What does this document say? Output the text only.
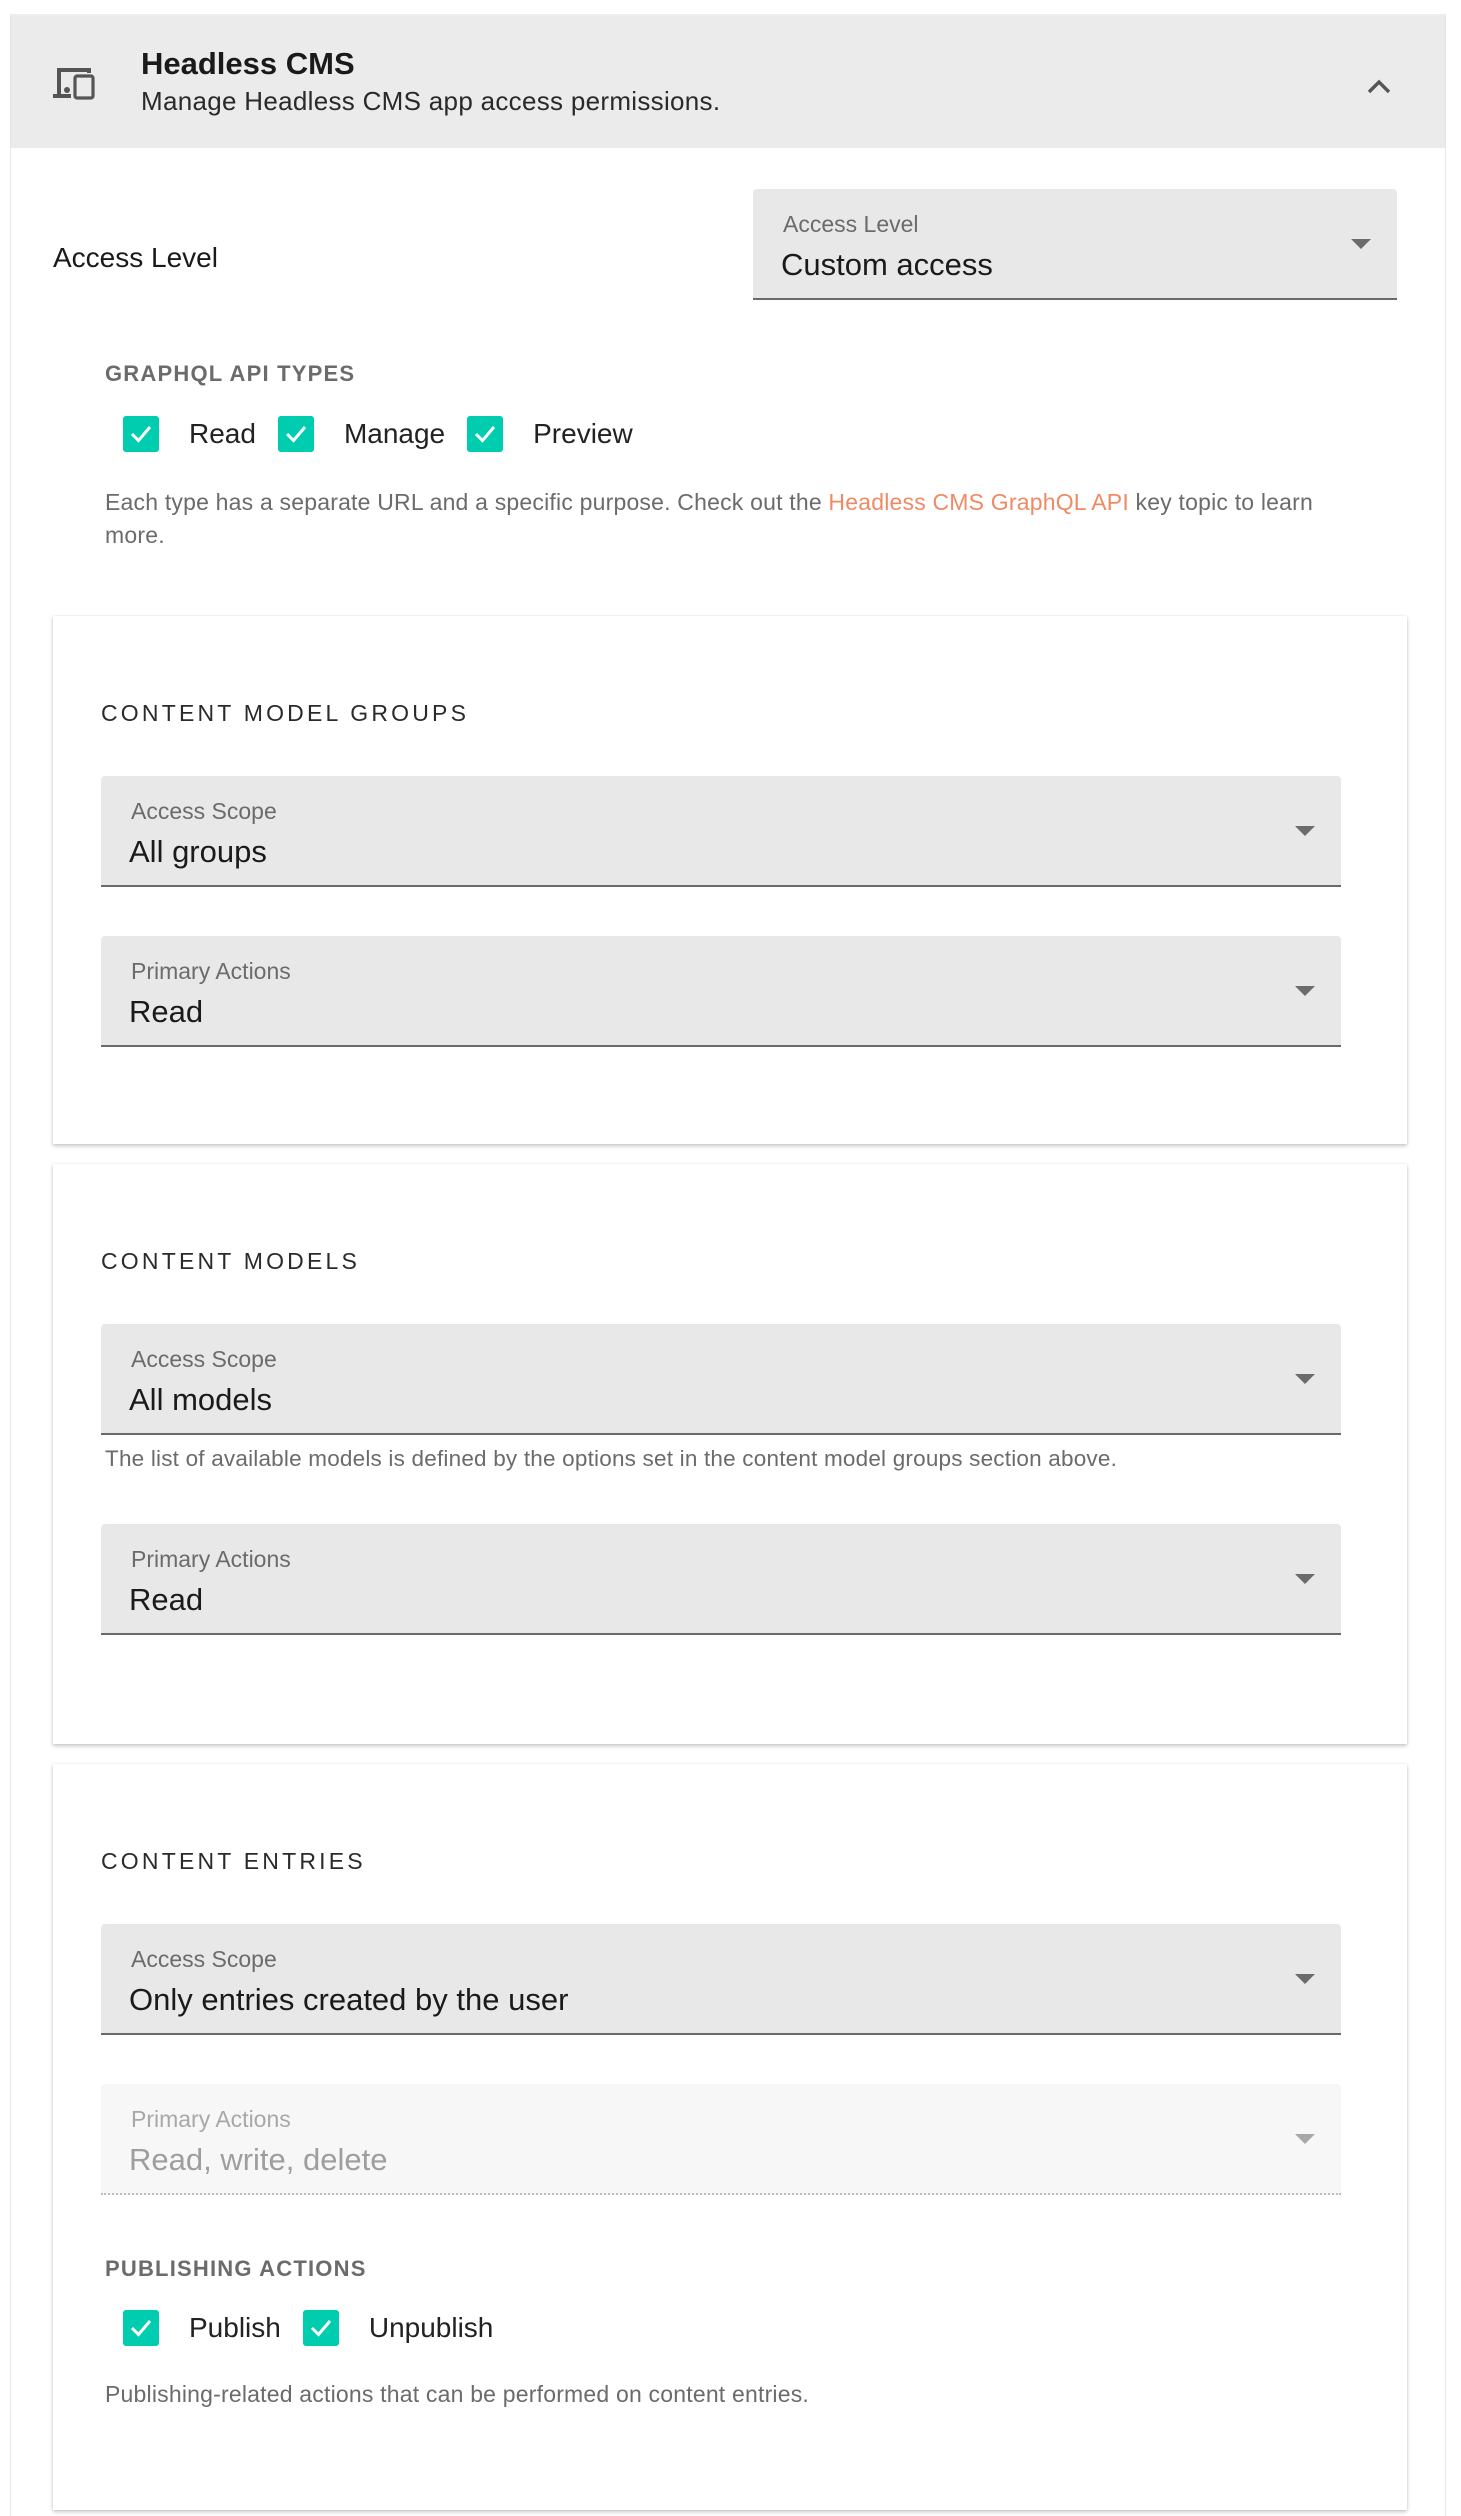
Headless CMS
Manage Headless CMS app access permissions.
Access Level
Access Level
Custom access
GRAPHQL API TYPES
Read	Manage	Preview
Each type has a separate URL and a specific purpose. Check out the Headless CMS GraphQL API key topic to learn more.
CONTENT MODEL GROUPS
Access Scope
All groups
Primary Actions
Read
CONTENT MODELS
Access Scope
All models
The list of available models is defined by the options set in the content model groups section above.
Primary Actions
Read
CONTENT ENTRIES
Access Scope
Only entries created by the user
Primary Actions
Read, write, delete
PUBLISHING ACTIONS
Publish	Unpublish
Publishing-related actions that can be performed on content entries.
